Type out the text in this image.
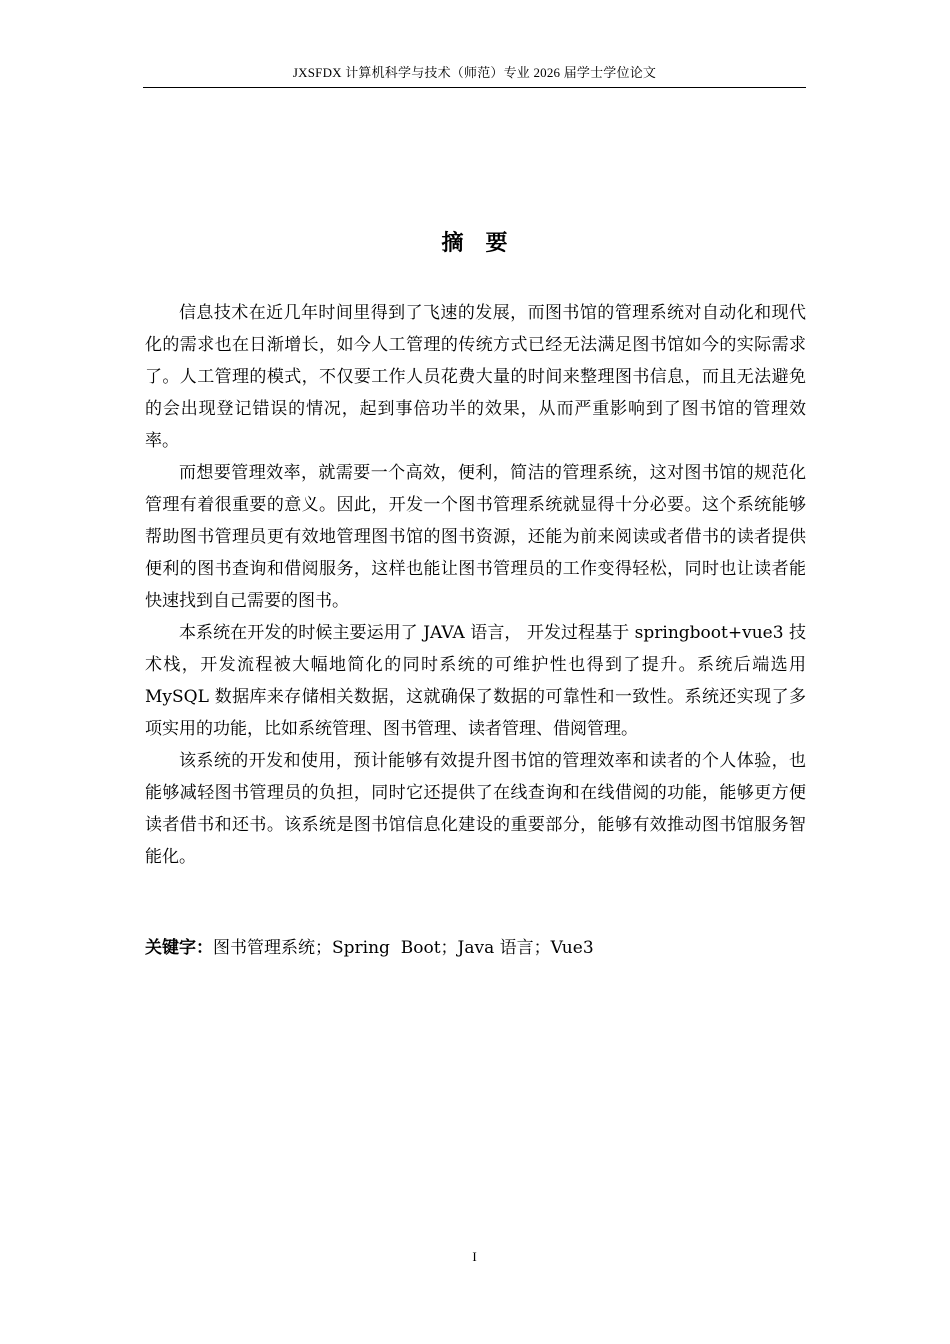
JXSFDX 计算机科学与技术（师范）专业 2026 届学士学位论文
摘要

信息技术在近几年时间里得到了飞速的发展，而图书馆的管理系统对自动化和现代化的需求也在日渐增长，如今人工管理的传统方式已经无法满足图书馆如今的实际需求了。人工管理的模式，不仅要工作人员花费大量的时间来整理图书信息，而且无法避免的会出现登记错误的情况，起到事倍功半的效果，从而严重影响到了图书馆的管理效率。

而想要管理效率，就需要一个高效，便利，简洁的管理系统，这对图书馆的规范化管理有着很重要的意义。因此，开发一个图书管理系统就显得十分必要。这个系统能够帮助图书管理员更有效地管理图书馆的图书资源，还能为前来阅读或者借书的读者提供便利的图书查询和借阅服务，这样也能让图书管理员的工作变得轻松，同时也让读者能快速找到自己需要的图书。

本系统在开发的时候主要运用了 JAVA 语言， 开发过程基于 springboot+vue3 技术栈，开发流程被大幅地简化的同时系统的可维护性也得到了提升。系统后端选用 MySQL 数据库来存储相关数据，这就确保了数据的可靠性和一致性。系统还实现了多项实用的功能，比如系统管理、图书管理、读者管理、借阅管理。

该系统的开发和使用，预计能够有效提升图书馆的管理效率和读者的个人体验，也能够减轻图书管理员的负担，同时它还提供了在线查询和在线借阅的功能，能够更方便读者借书和还书。该系统是图书馆信息化建设的重要部分，能够有效推动图书馆服务智能化。

关键字：图书管理系统；Spring  Boot；Java 语言；Vue3
I
